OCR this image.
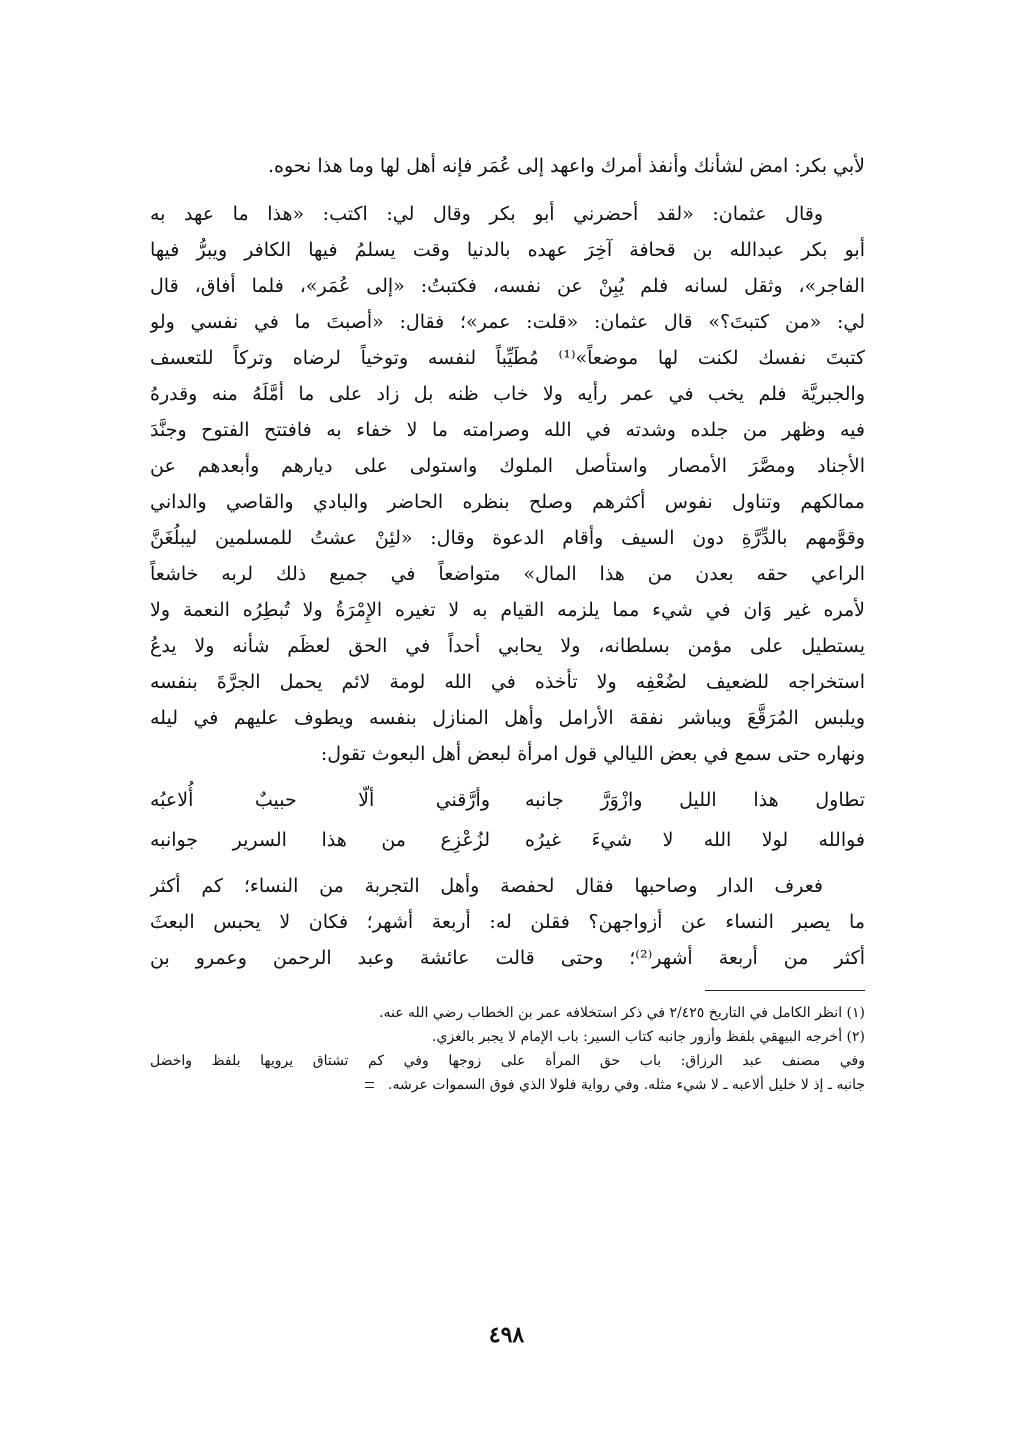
لأبي بكر: امض لشأنك وأنفذ أمرك واعهد إلى عُمَر فإنه أهل لها وما هذا نحوه.

وقال عثمان: «لقد أحضرني أبو بكر وقال لي: اكتب: «هذا ما عهد به

أبو بكر عبدالله بن قحافة آخِرَ عهده بالدنيا وقت يسلمُ فيها الكافر ويبرُّ فيها

الفاجر»، وثقل لسانه فلم يُبِنْ عن نفسه، فكتبتُ: «إلى عُمَر»، فلما أفاق، قال

لي: «من كتبتَ؟» قال عثمان: «قلت: عمر»؛ فقال: «أصبتَ ما في نفسي ولو

كتبتَ نفسك لكنت لها موضعاً»⁽¹⁾ مُطَيِّباً لنفسه وتوخياً لرضاه وتركاً للتعسف

والجبريَّة فلم يخب في عمر رأيه ولا خاب ظنه بل زاد على ما أمَّلَهُ منه وقدرهُ

فيه وظهر من جلده وشدته في الله وصرامته ما لا خفاء به فافتتح الفتوح وجنَّدَ

الأجناد ومصَّرَ الأمصار واستأصل الملوك واستولى على ديارهم وأبعدهم عن

ممالكهم وتناول نفوس أكثرهم وصلح بنظره الحاضر والبادي والقاصي والداني

وقوَّمهم بالدِّرَّةِ دون السيف وأقام الدعوة وقال: «لئِنْ عشتُ للمسلمين ليبلُغَنَّ

الراعي حقه بعدن من هذا المال» متواضعاً في جميع ذلك لربه خاشعاً

لأمره غير وَان في شيء مما يلزمه القيام به لا تغيره الإِمْرَةُ ولا تُبطِرُه النعمة ولا

يستطيل على مؤمن بسلطانه، ولا يحابي أحداً في الحق لعظَم شأنه ولا يدعُ

استخراجه للضعيف لضُعْفِه ولا تأخذه في الله لومة لائم يحمل الجرَّةَ بنفسه

ويلبس المُرَقَّعَ ويباشر نفقة الأرامل وأهل المنازل بنفسه ويطوف عليهم في ليله

ونهاره حتى سمع في بعض الليالي قول امرأة لبعض أهل البعوث تقول:

تطاول هذا الليل وازْوَرَّ جانبه
وأرَّقني ألّا حبيبٌ أُلاعبُه
فوالله لولا الله لا شيءَ غيرُه
لزُعْزِع من هذا السرير جوانبه

فعرف الدار وصاحبها فقال لحفصة وأهل التجربة من النساء؛ كم أكثر

ما يصبر النساء عن أزواجهن؟ فقلن له: أربعة أشهر؛ فكان لا يحبس البعثَ

أكثر من أربعة أشهر⁽²⁾؛ وحتى قالت عائشة وعبد الرحمن وعمرو بن

(١) انظر الكامل في التاريخ ٢/٤٢٥ في ذكر استخلافه عمر بن الخطاب رضي الله عنه.

(٢) أخرجه البيهقي بلفظ وأزور جانبه كتاب السير: باب الإمام لا يجبر بالغزي.

وفي مصنف عبد الرزاق: باب حق المرأة على زوجها وفي كم تشتاق يرويها بلفظ واخضل

جانبه ـ إذ لا خليل ألاعبه ـ لا شيء مثله. وفي رواية فلولا الذي فوق السموات عرشه.

٤٩٨
